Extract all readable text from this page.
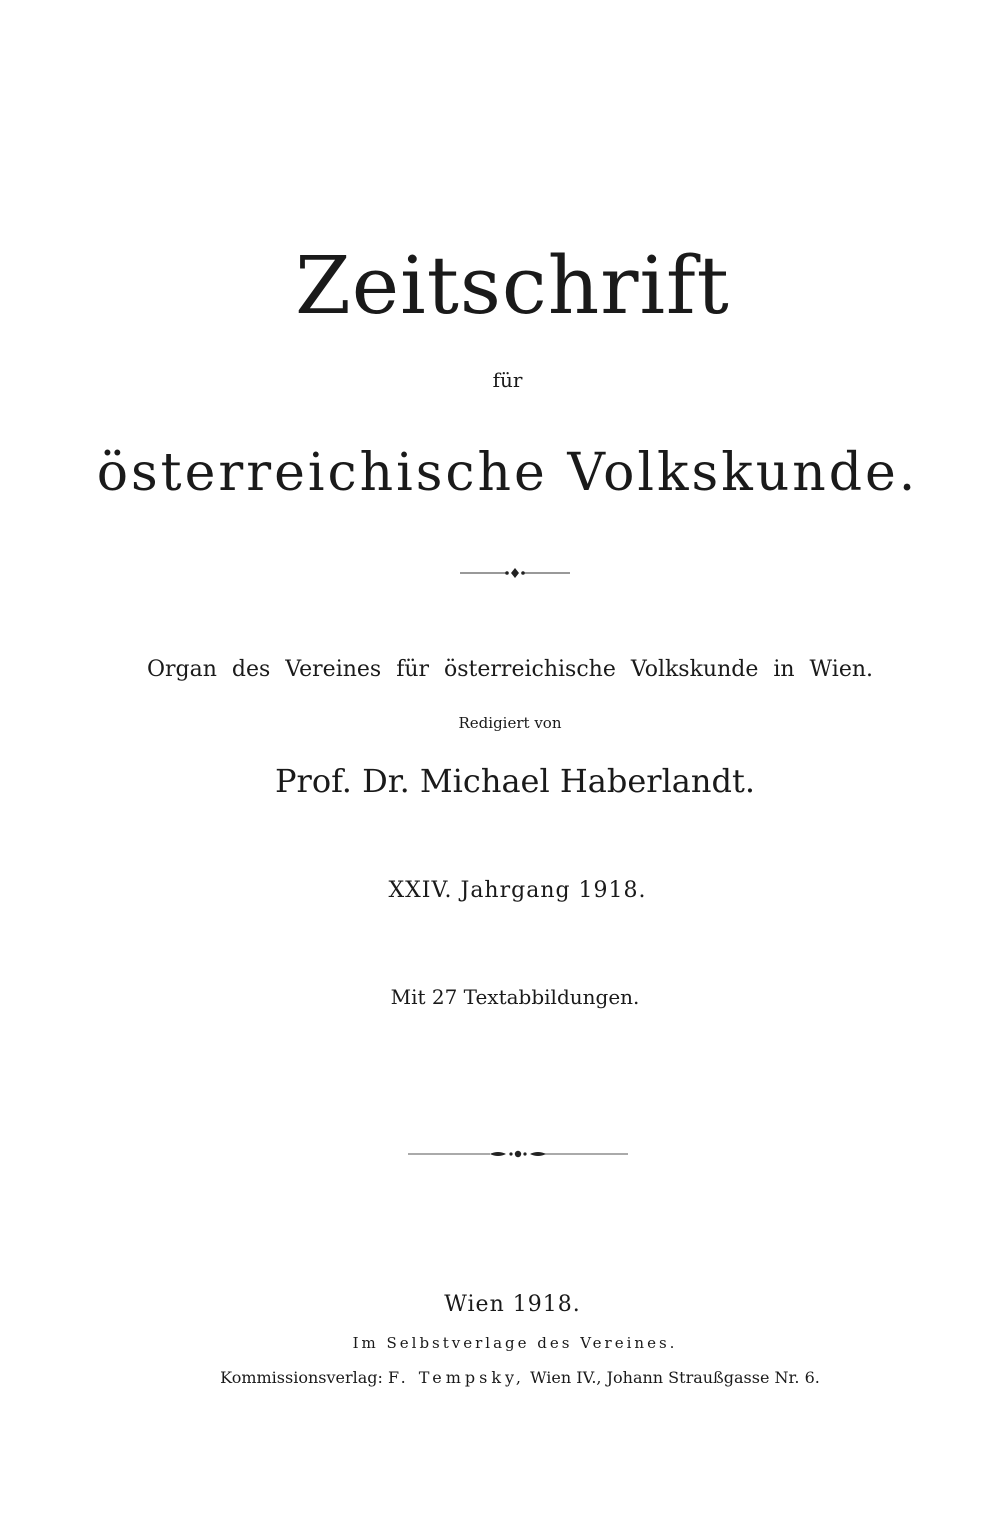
Zeitschrift
für
österreichische Volkskunde.
Organ des Vereines für österreichische Volkskunde in Wien.
Redigiert von
Prof. Dr. Michael Haberlandt.
XXIV. Jahrgang 1918.
Mit 27 Textabbildungen.
Wien 1918.
Im Selbstverlage des Vereines.
Kommissionsverlag: F. Tempsky, Wien IV., Johann Straußgasse Nr. 6.
